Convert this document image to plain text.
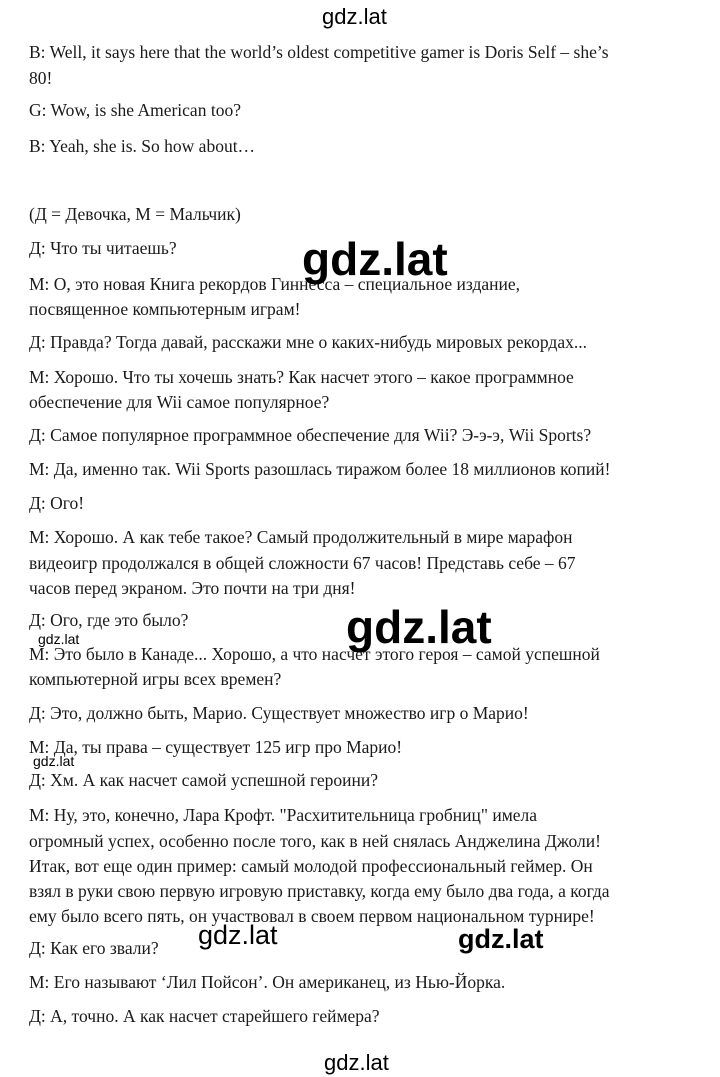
gdz.lat
B: Well, it says here that the world’s oldest competitive gamer is Doris Self – she’s
80!
G: Wow, is she American too?
B: Yeah, she is. So how about…
(Д = Девочка, М = Мальчик)
Д: Что ты читаешь?
М: О, это новая Книга рекордов Гиннесса – специальное издание,
посвященное компьютерным играм!
Д: Правда? Тогда давай, расскажи мне о каких-нибудь мировых рекордах...
М: Хорошо. Что ты хочешь знать? Как насчет этого – какое программное
обеспечение для Wii самое популярное?
Д: Самое популярное программное обеспечение для Wii? Э-э-э, Wii Sports?
М: Да, именно так. Wii Sports разошлась тиражом более 18 миллионов копий!
Д: Ого!
М: Хорошо. А как тебе такое? Самый продолжительный в мире марафон
видеоигр продолжался в общей сложности 67 часов! Представь себе – 67
часов перед экраном. Это почти на три дня!
Д: Ого, где это было?
М: Это было в Канаде... Хорошо, а что насчет этого героя – самой успешной
компьютерной игры всех времен?
Д: Это, должно быть, Марио. Существует множество игр о Марио!
М: Да, ты права – существует 125 игр про Марио!
Д: Хм. А как насчет самой успешной героини?
М: Ну, это, конечно, Лара Крофт. "Расхитительница гробниц" имела
огромный успех, особенно после того, как в ней снялась Анджелина Джоли!
Итак, вот еще один пример: самый молодой профессиональный геймер. Он
взял в руки свою первую игровую приставку, когда ему было два года, а когда
ему было всего пять, он участвовал в своем первом национальном турнире!
Д: Как его звали?
М: Его называют ‘Лил Пойсон’. Он американец, из Нью-Йорка.
Д: А, точно. А как насчет старейшего геймера?
gdz.lat
gdz.lat
gdz.lat	gdz.lat
gdz.lat
gdz.lat
gdz.lat
